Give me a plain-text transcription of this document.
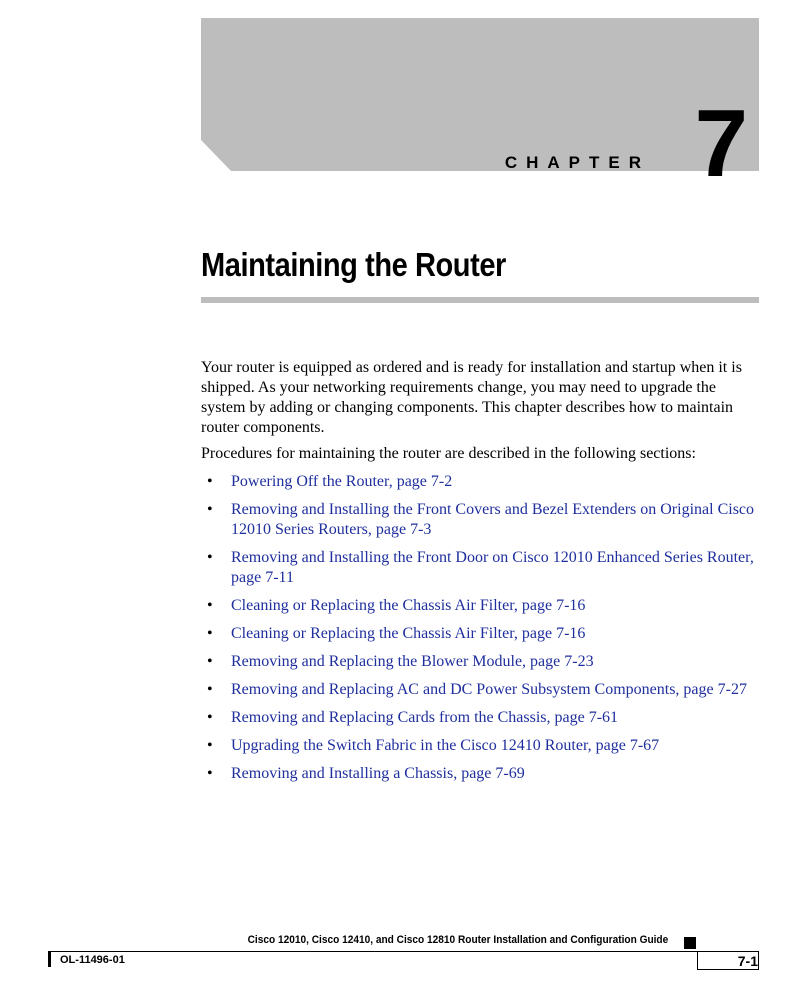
CHAPTER 7
Maintaining the Router

Your router is equipped as ordered and is ready for installation and startup when it is shipped. As your networking requirements change, you may need to upgrade the system by adding or changing components. This chapter describes how to maintain router components.

Procedures for maintaining the router are described in the following sections:

• Powering Off the Router, page 7-2
• Removing and Installing the Front Covers and Bezel Extenders on Original Cisco 12010 Series Routers, page 7-3
• Removing and Installing the Front Door on Cisco 12010 Enhanced Series Router, page 7-11
• Cleaning or Replacing the Chassis Air Filter, page 7-16
• Cleaning or Replacing the Chassis Air Filter, page 7-16
• Removing and Replacing the Blower Module, page 7-23
• Removing and Replacing AC and DC Power Subsystem Components, page 7-27
• Removing and Replacing Cards from the Chassis, page 7-61
• Upgrading the Switch Fabric in the Cisco 12410 Router, page 7-67
• Removing and Installing a Chassis, page 7-69
Cisco 12010, Cisco 12410, and Cisco 12810 Router Installation and Configuration Guide
OL-11496-01	7-1
